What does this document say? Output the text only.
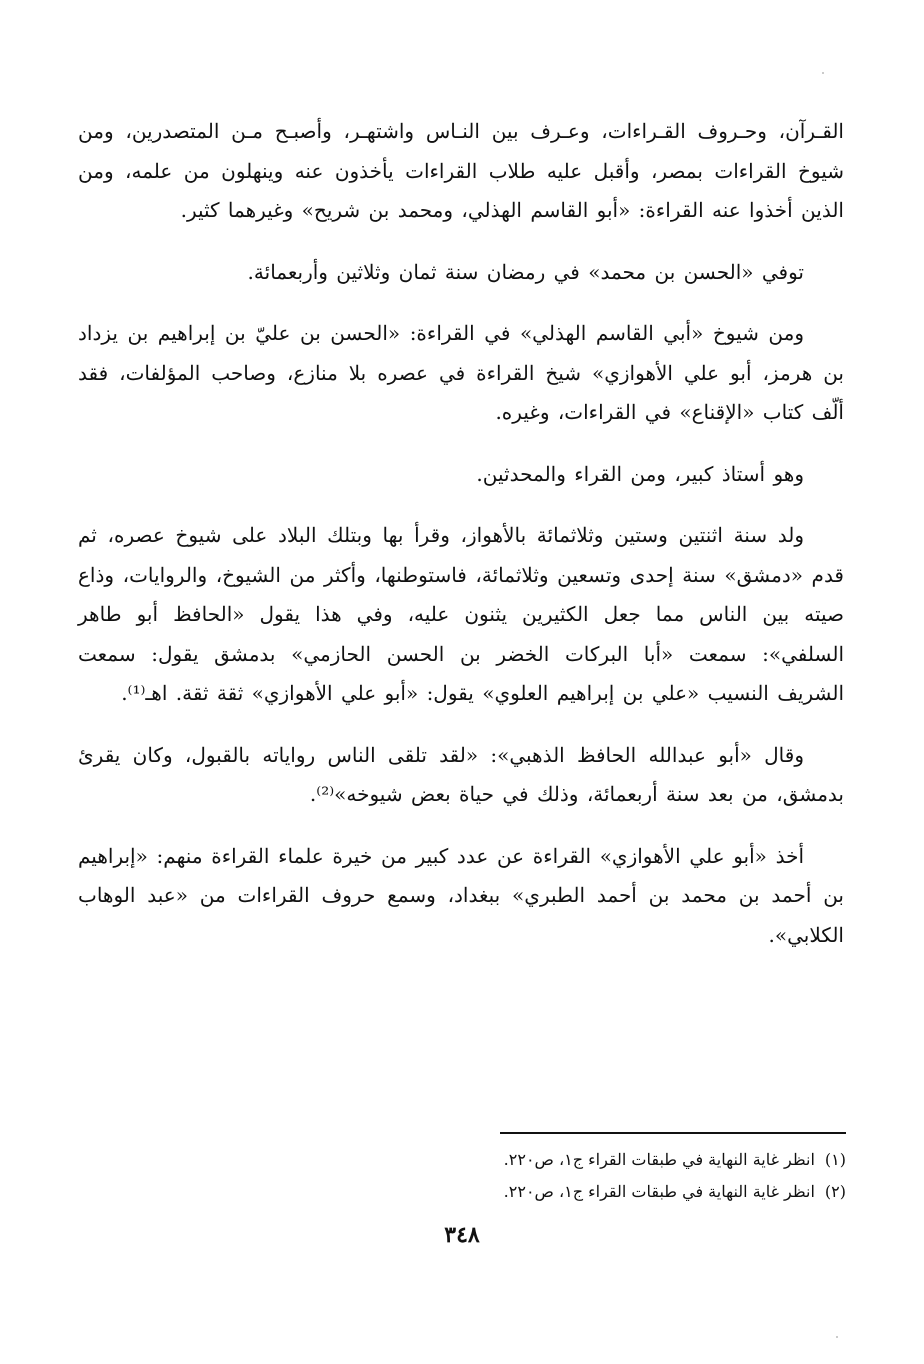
القـرآن، وحـروف القـراءات، وعـرف بين النـاس واشتهـر، وأصبـح مـن المتصدرين، ومن شيوخ القراءات بمصر، وأقبل عليه طلاب القراءات يأخذون عنه وينهلون من علمه، ومن الذين أخذوا عنه القراءة: «أبو القاسم الهذلي، ومحمد بن شريح» وغيرهما كثير.

توفي «الحسن بن محمد» في رمضان سنة ثمان وثلاثين وأربعمائة.

ومن شيوخ «أبي القاسم الهذلي» في القراءة: «الحسن بن عليّ بن إبراهيم بن يزداد بن هرمز، أبو علي الأهوازي» شيخ القراءة في عصره بلا منازع، وصاحب المؤلفات، فقد ألّف كتاب «الإقناع» في القراءات، وغيره.

وهو أستاذ كبير، ومن القراء والمحدثين.

ولد سنة اثنتين وستين وثلاثمائة بالأهواز، وقرأ بها وبتلك البلاد على شيوخ عصره، ثم قدم «دمشق» سنة إحدى وتسعين وثلاثمائة، فاستوطنها، وأكثر من الشيوخ، والروايات، وذاع صيته بين الناس مما جعل الكثيرين يثنون عليه، وفي هذا يقول «الحافظ أبو طاهر السلفي»: سمعت «أبا البركات الخضر بن الحسن الحازمي» بدمشق يقول: سمعت الشريف النسيب «علي بن إبراهيم العلوي» يقول: «أبو علي الأهوازي» ثقة ثقة. اهـ⁽¹⁾.

وقال «أبو عبدالله الحافظ الذهبي»: «لقد تلقى الناس رواياته بالقبول، وكان يقرئ بدمشق، من بعد سنة أربعمائة، وذلك في حياة بعض شيوخه»⁽²⁾.

أخذ «أبو علي الأهوازي» القراءة عن عدد كبير من خيرة علماء القراءة منهم: «إبراهيم بن أحمد بن محمد بن أحمد الطبري» ببغداد، وسمع حروف القراءات من «عبد الوهاب الكلابي».

(١)
انظر غاية النهاية في طبقات القراء ج١، ص٢٢٠.
(٢)
انظر غاية النهاية في طبقات القراء ج١، ص٢٢٠.
٣٤٨
